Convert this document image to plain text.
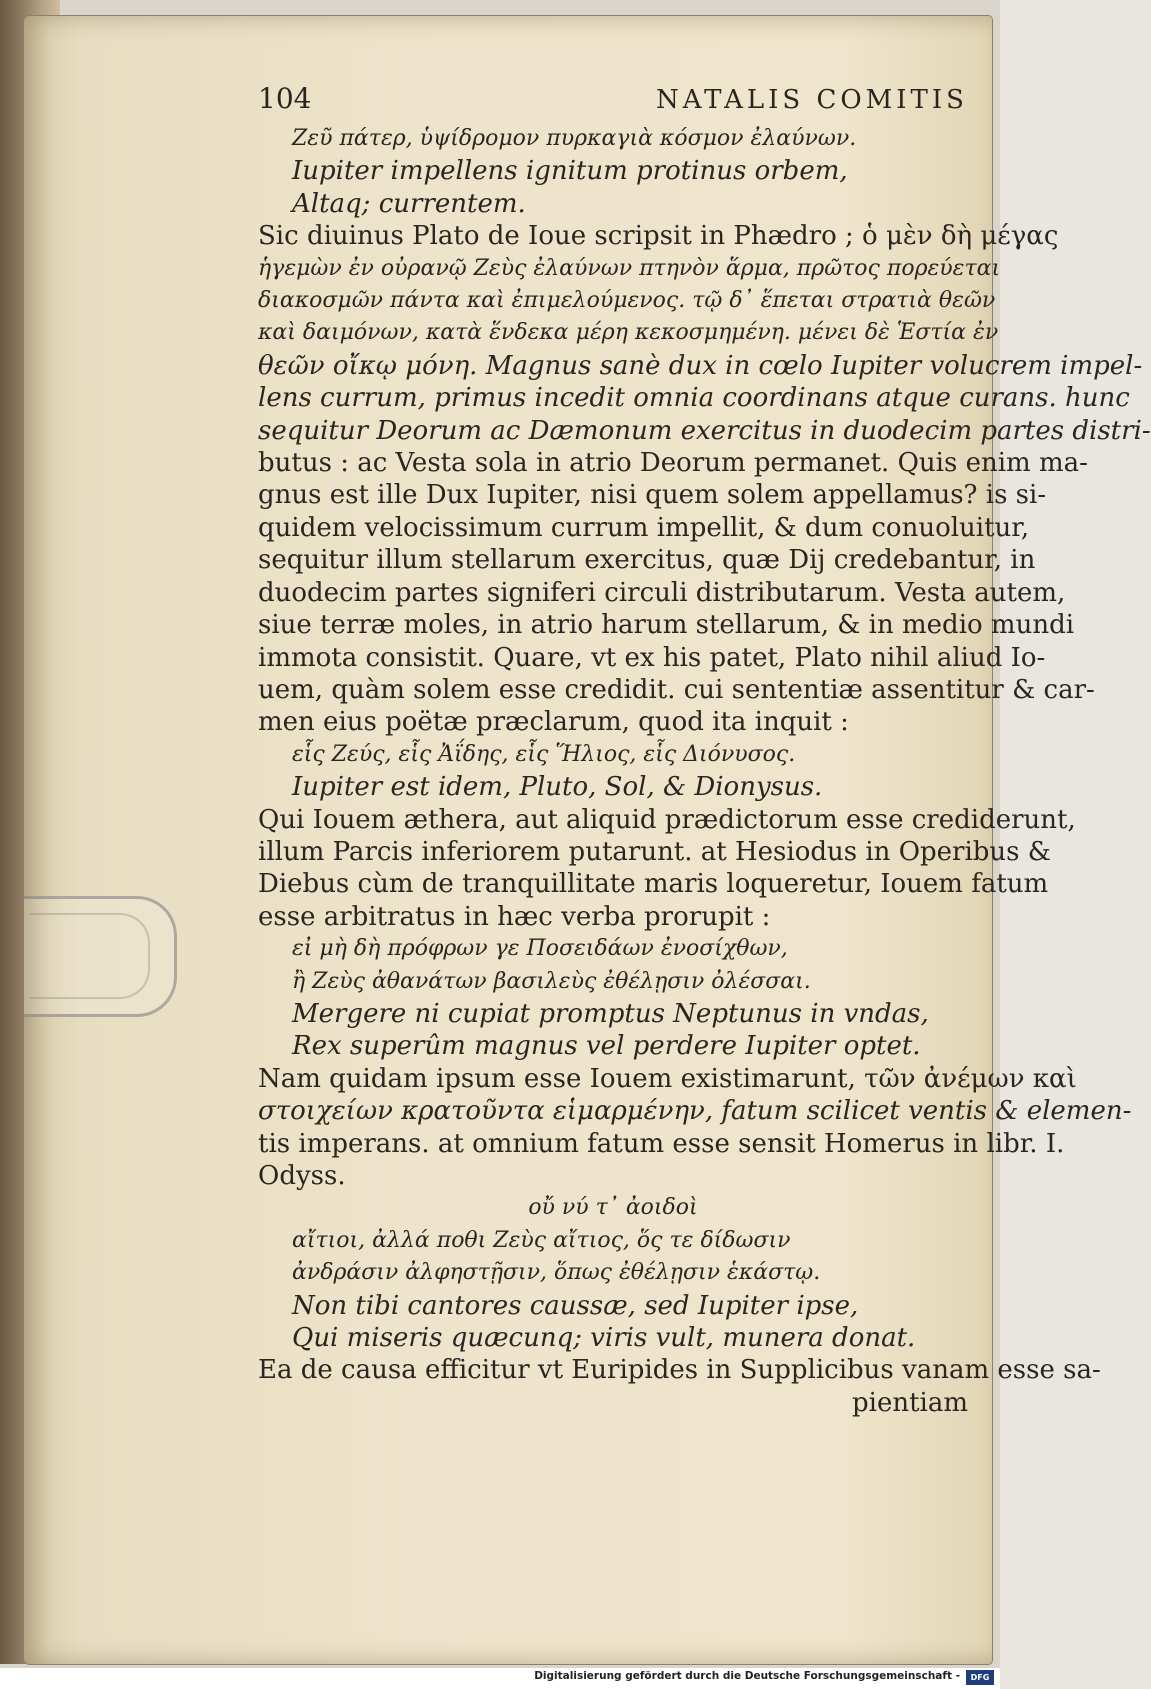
104	NATALIS COMITIS
Ζεῦ πάτερ, ὑψίδρομον πυρκαγιὰ κόσμον ἐλαύνων.
Iupiter impellens ignitum protinus orbem,
Altaq; currentem.
Sic diuinus Plato de Ioue scripsit in Phædro ; ὁ μὲν δὴ μέγας
ἡγεμὼν ἐν οὐρανῷ Ζεὺς ἐλαύνων πτηνὸν ἅρμα, πρῶτος πορεύεται
διακοσμῶν πάντα καὶ ἐπιμελούμενος. τῷ δ᾽ ἕπεται στρατιὰ θεῶν
καὶ δαιμόνων, κατὰ ἕνδεκα μέρη κεκοσμημένη. μένει δὲ Ἑστία ἐν
θεῶν οἴκῳ μόνη. Magnus sanè dux in cœlo Iupiter volucrem impel-
lens currum, primus incedit omnia coordinans atque curans. hunc
sequitur Deorum ac Dæmonum exercitus in duodecim partes distri-
butus : ac Vesta sola in atrio Deorum permanet. Quis enim ma-
gnus est ille Dux Iupiter, nisi quem solem appellamus? is si-
quidem velocissimum currum impellit, & dum conuoluitur,
sequitur illum stellarum exercitus, quæ Dij credebantur, in
duodecim partes signiferi circuli distributarum. Vesta autem,
siue terræ moles, in atrio harum stellarum, & in medio mundi
immota consistit. Quare, vt ex his patet, Plato nihil aliud Io-
uem, quàm solem esse credidit. cui sententiæ assentitur & car-
men eius poëtæ præclarum, quod ita inquit :
εἷς Ζεύς, εἷς Ἀΐδης, εἷς Ἥλιος, εἷς Διόνυσος.
Iupiter est idem, Pluto, Sol, & Dionysus.
Qui Iouem æthera, aut aliquid prædictorum esse crediderunt,
illum Parcis inferiorem putarunt. at Hesiodus in Operibus &
Diebus cùm de tranquillitate maris loqueretur, Iouem fatum
esse arbitratus in hæc verba prorupit :
εἰ μὴ δὴ πρόφρων γε Ποσειδάων ἐνοσίχθων,
ἢ Ζεὺς ἀθανάτων βασιλεὺς ἐθέλῃσιν ὀλέσσαι.
Mergere ni cupiat promptus Neptunus in vndas,
Rex superûm magnus vel perdere Iupiter optet.
Nam quidam ipsum esse Iouem existimarunt, τῶν ἀνέμων καὶ
στοιχείων κρατοῦντα εἱμαρμένην, fatum scilicet ventis & elemen-
tis imperans. at omnium fatum esse sensit Homerus in libr. I.
Odyss.
οὔ νύ τ᾽ ἀοιδοὶ
αἴτιοι, ἀλλά ποθι Ζεὺς αἴτιος, ὅς τε δίδωσιν
ἀνδράσιν ἀλφηστῇσιν, ὅπως ἐθέλῃσιν ἑκάστῳ.
Non tibi cantores caussæ, sed Iupiter ipse,
Qui miseris quæcunq; viris vult, munera donat.
Ea de causa efficitur vt Euripides in Supplicibus vanam esse sa-
pientiam
Digitalisierung gefördert durch die Deutsche Forschungsgemeinschaft -	DFG
